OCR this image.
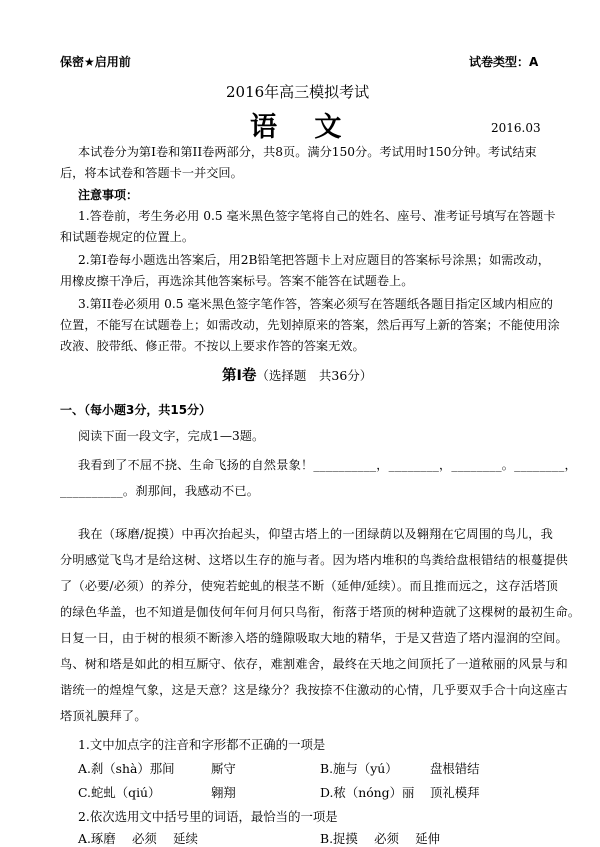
保密★启用前	试卷类型：A
2016年高三模拟考试
语 文	2016.03
本试卷分为第I卷和第II卷两部分，共8页。满分150分。考试用时150分钟。考试结束
后，将本试卷和答题卡一并交回。
注意事项：
1.答卷前，考生务必用 0.5 毫米黑色签字笔将自己的姓名、座号、准考证号填写在答题卡
和试题卷规定的位置上。
2.第I卷每小题选出答案后，用2B铅笔把答题卡上对应题目的答案标号涂黑；如需改动，
用橡皮擦干净后，再选涂其他答案标号。答案不能答在试题卷上。
3.第II卷必须用 0.5 毫米黑色签字笔作答，答案必须写在答题纸各题目指定区域内相应的
位置，不能写在试题卷上；如需改动，先划掉原来的答案，然后再写上新的答案；不能使用涂
改液、胶带纸、修正带。不按以上要求作答的答案无效。
第I卷（选择题　共36分）
一、（每小题3分，共15分）
阅读下面一段文字，完成1—3题。
我看到了不屈不挠、生命飞扬的自然景象！__________，________，________。________，
__________。刹那间，我感动不已。
我在（琢磨/捉摸）中再次抬起头，仰望古塔上的一团绿荫以及翱翔在它周围的鸟儿，我
分明感觉飞鸟才是给这树、这塔以生存的施与者。因为塔内堆积的鸟粪给盘根错结的根蔓提供
了（必要/必须）的养分，使宛若蛇虬的根茎不断（延伸/延续）。而且推而远之，这存活塔顶
的绿色华盖，也不知道是伽伎何年何月何只鸟衔，衔落于塔顶的树种造就了这棵树的最初生命。
日复一日，由于树的根须不断渗入塔的缝隙吸取大地的精华，于是又营造了塔内湿润的空间。
鸟、树和塔是如此的相互厮守、依存，难割难舍，最终在天地之间顶托了一道秾丽的风景与和
谐统一的煌煌气象，这是天意？这是缘分？我按捺不住激动的心情，几乎要双手合十向这座古
塔顶礼膜拜了。
1.文中加点字的注音和字形都不正确的一项是
A.刹（shà）那间	厮守	B.施与（yú）	盘根错结
C.蛇虬（qiú）	翱翔	D.秾（nóng）丽 顶礼模拜
2.依次选用文中括号里的词语，最恰当的一项是
A.琢磨　 必须　 延续	B.捉摸　 必须　 延伸
